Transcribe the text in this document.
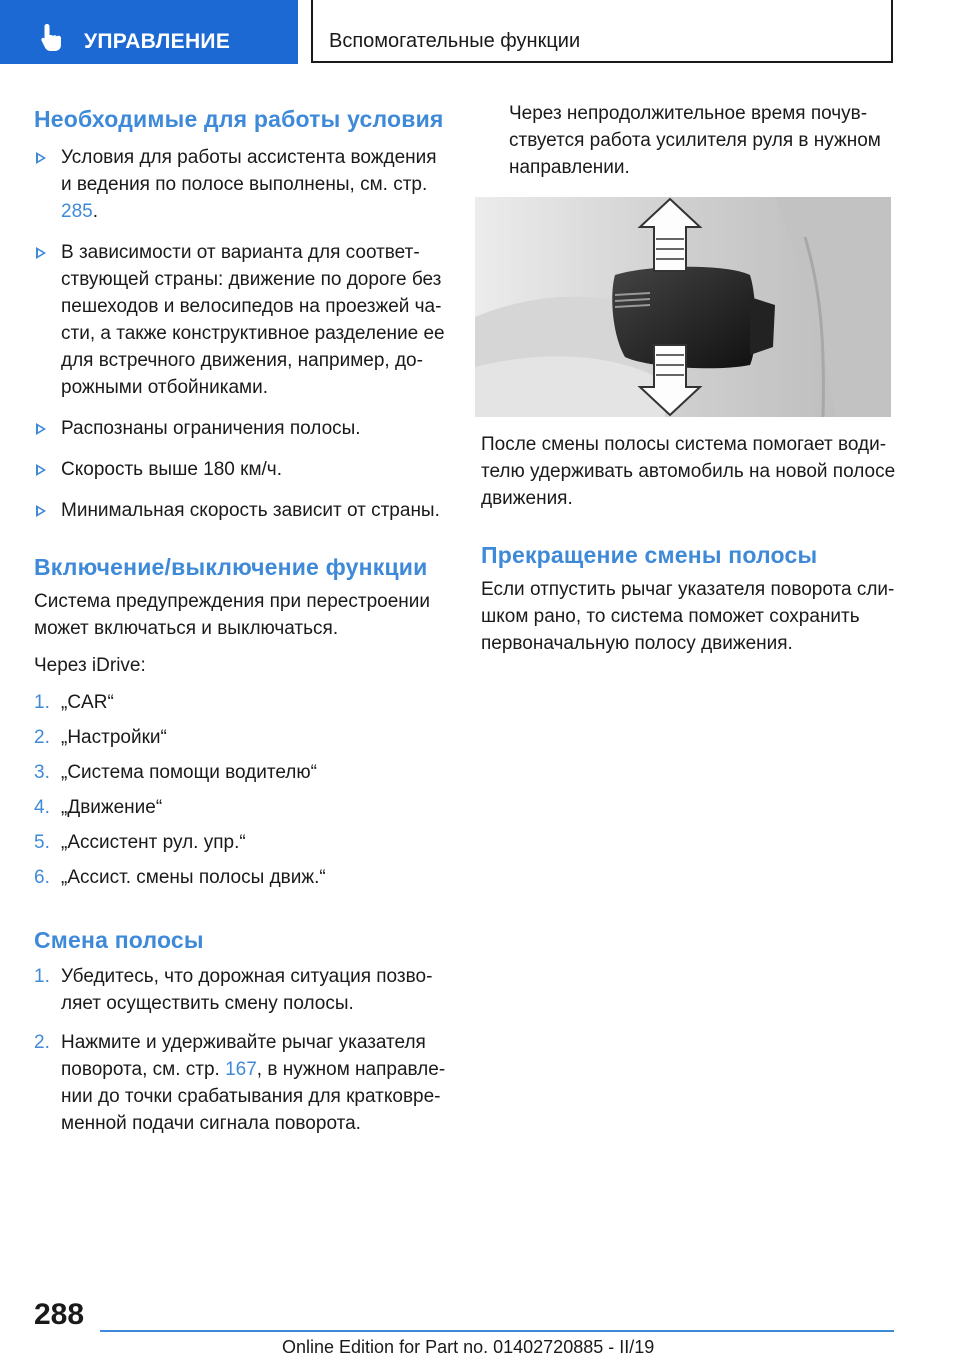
УПРАВЛЕНИЕ	Вспомогательные функции
Необходимые для работы условия
Условия для работы ассистента вождения и ведения по полосе выполнены, см. стр. 285.
В зависимости от варианта для соответствующей страны: движение по дороге без пешеходов и велосипедов на проезжей части, а также конструктивное разделение ее для встречного движения, например, дорожными отбойниками.
Распознаны ограничения полосы.
Скорость выше 180 км/ч.
Минимальная скорость зависит от страны.
Включение/выключение функции

Система предупреждения при перестроении может включаться и выключаться.

Через iDrive:

1. „CAR“
2. „Настройки“
3. „Система помощи водителю“
4. „Движение“
5. „Ассистент рул. упр.“
6. „Ассист. смены полосы движ.“
Смена полосы
1. Убедитесь, что дорожная ситуация позволяет осуществить смену полосы.
2. Нажмите и удерживайте рычаг указателя поворота, см. стр. 167, в нужном направлении до точки срабатывания для кратковременной подачи сигнала поворота.

Через непродолжительное время почувствуется работа усилителя руля в нужном направлении.

После смены полосы система помогает водителю удерживать автомобиль на новой полосе движения.

Прекращение смены полосы

Если отпустить рычаг указателя поворота слишком рано, то система поможет сохранить первоначальную полосу движения.

288
Online Edition for Part no. 01402720885 - II/19
